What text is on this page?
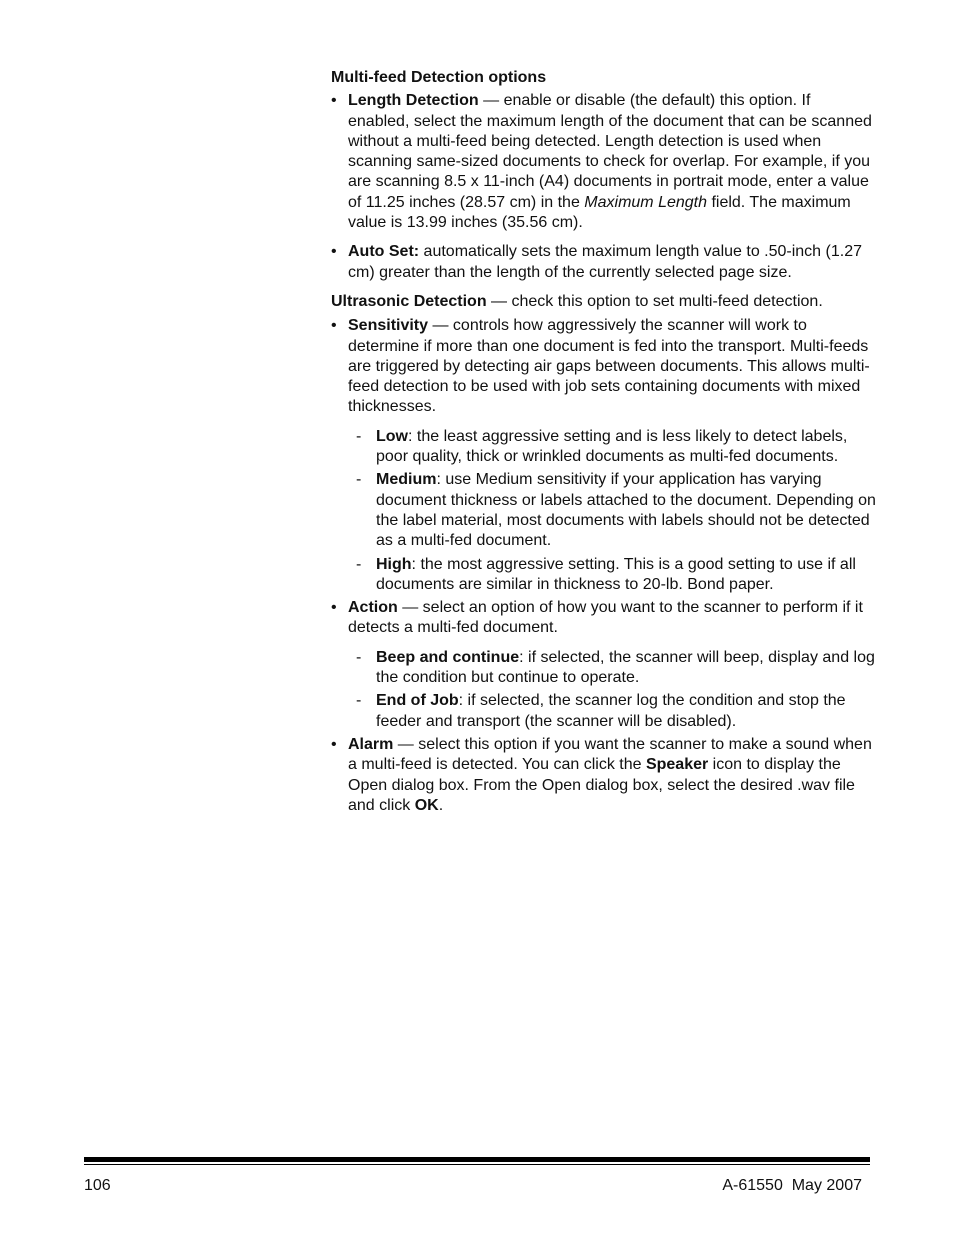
Multi-feed Detection options

• Length Detection — enable or disable (the default) this option. If enabled, select the maximum length of the document that can be scanned without a multi-feed being detected. Length detection is used when scanning same-sized documents to check for overlap. For example, if you are scanning 8.5 x 11-inch (A4) documents in portrait mode, enter a value of 11.25 inches (28.57 cm) in the Maximum Length field. The maximum value is 13.99 inches (35.56 cm).

• Auto Set: automatically sets the maximum length value to .50-inch (1.27 cm) greater than the length of the currently selected page size.

Ultrasonic Detection — check this option to set multi-feed detection.

• Sensitivity — controls how aggressively the scanner will work to determine if more than one document is fed into the transport. Multi-feeds are triggered by detecting air gaps between documents. This allows multi-feed detection to be used with job sets containing documents with mixed thicknesses.

- Low: the least aggressive setting and is less likely to detect labels, poor quality, thick or wrinkled documents as multi-fed documents.

- Medium: use Medium sensitivity if your application has varying document thickness or labels attached to the document. Depending on the label material, most documents with labels should not be detected as a multi-fed document.

- High: the most aggressive setting. This is a good setting to use if all documents are similar in thickness to 20-lb. Bond paper.

• Action — select an option of how you want to the scanner to perform if it detects a multi-fed document.

- Beep and continue: if selected, the scanner will beep, display and log the condition but continue to operate.

- End of Job: if selected, the scanner log the condition and stop the feeder and transport (the scanner will be disabled).

• Alarm — select this option if you want the scanner to make a sound when a multi-feed is detected. You can click the Speaker icon to display the Open dialog box. From the Open dialog box, select the desired .wav file and click OK.

106	A-61550  May 2007
